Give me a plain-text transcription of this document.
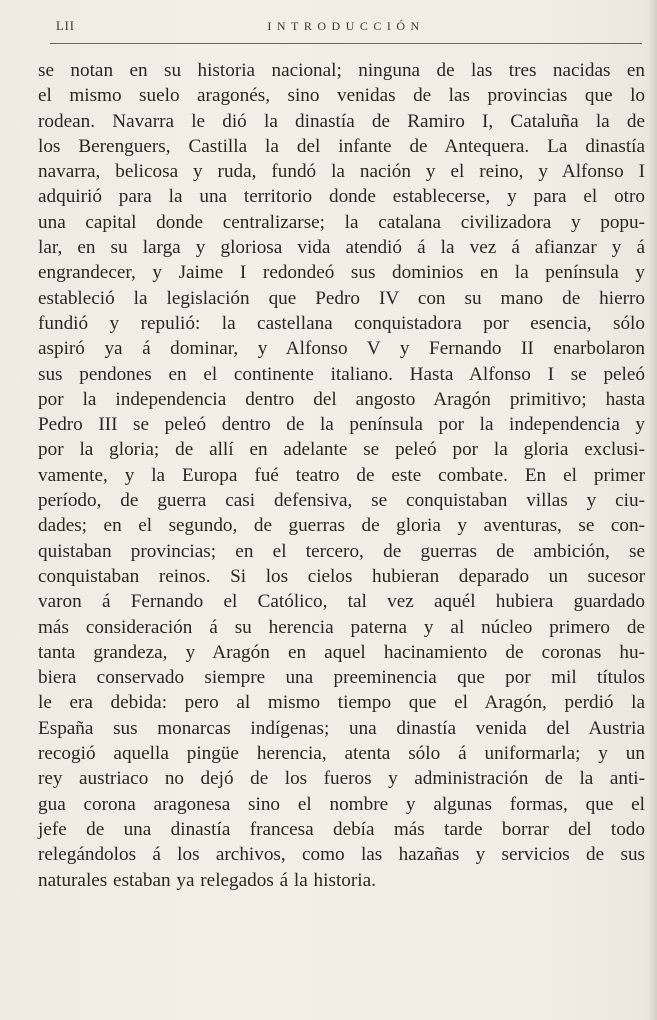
LII	INTRODUCCIÓN
se notan en su historia nacional; ninguna de las tres nacidas en
el mismo suelo aragonés, sino venidas de las provincias que lo
rodean. Navarra le dió la dinastía de Ramiro I, Cataluña la de
los Berenguers, Castilla la del infante de Antequera. La dinastía
navarra, belicosa y ruda, fundó la nación y el reino, y Alfonso I
adquirió para la una territorio donde establecerse, y para el otro
una capital donde centralizarse; la catalana civilizadora y popu-
lar, en su larga y gloriosa vida atendió á la vez á afianzar y á
engrandecer, y Jaime I redondeó sus dominios en la península y
estableció la legislación que Pedro IV con su mano de hierro
fundió y repulió: la castellana conquistadora por esencia, sólo
aspiró ya á dominar, y Alfonso V y Fernando II enarbolaron
sus pendones en el continente italiano. Hasta Alfonso I se peleó
por la independencia dentro del angosto Aragón primitivo; hasta
Pedro III se peleó dentro de la península por la independencia y
por la gloria; de allí en adelante se peleó por la gloria exclusi-
vamente, y la Europa fué teatro de este combate. En el primer
período, de guerra casi defensiva, se conquistaban villas y ciu-
dades; en el segundo, de guerras de gloria y aventuras, se con-
quistaban provincias; en el tercero, de guerras de ambición, se
conquistaban reinos. Si los cielos hubieran deparado un sucesor
varon á Fernando el Católico, tal vez aquél hubiera guardado
más consideración á su herencia paterna y al núcleo primero de
tanta grandeza, y Aragón en aquel hacinamiento de coronas hu-
biera conservado siempre una preeminencia que por mil títulos
le era debida: pero al mismo tiempo que el Aragón, perdió la
España sus monarcas indígenas; una dinastía venida del Austria
recogió aquella pingüe herencia, atenta sólo á uniformarla; y un
rey austriaco no dejó de los fueros y administración de la anti-
gua corona aragonesa sino el nombre y algunas formas, que el
jefe de una dinastía francesa debía más tarde borrar del todo
relegándolos á los archivos, como las hazañas y servicios de sus
naturales estaban ya relegados á la historia.
